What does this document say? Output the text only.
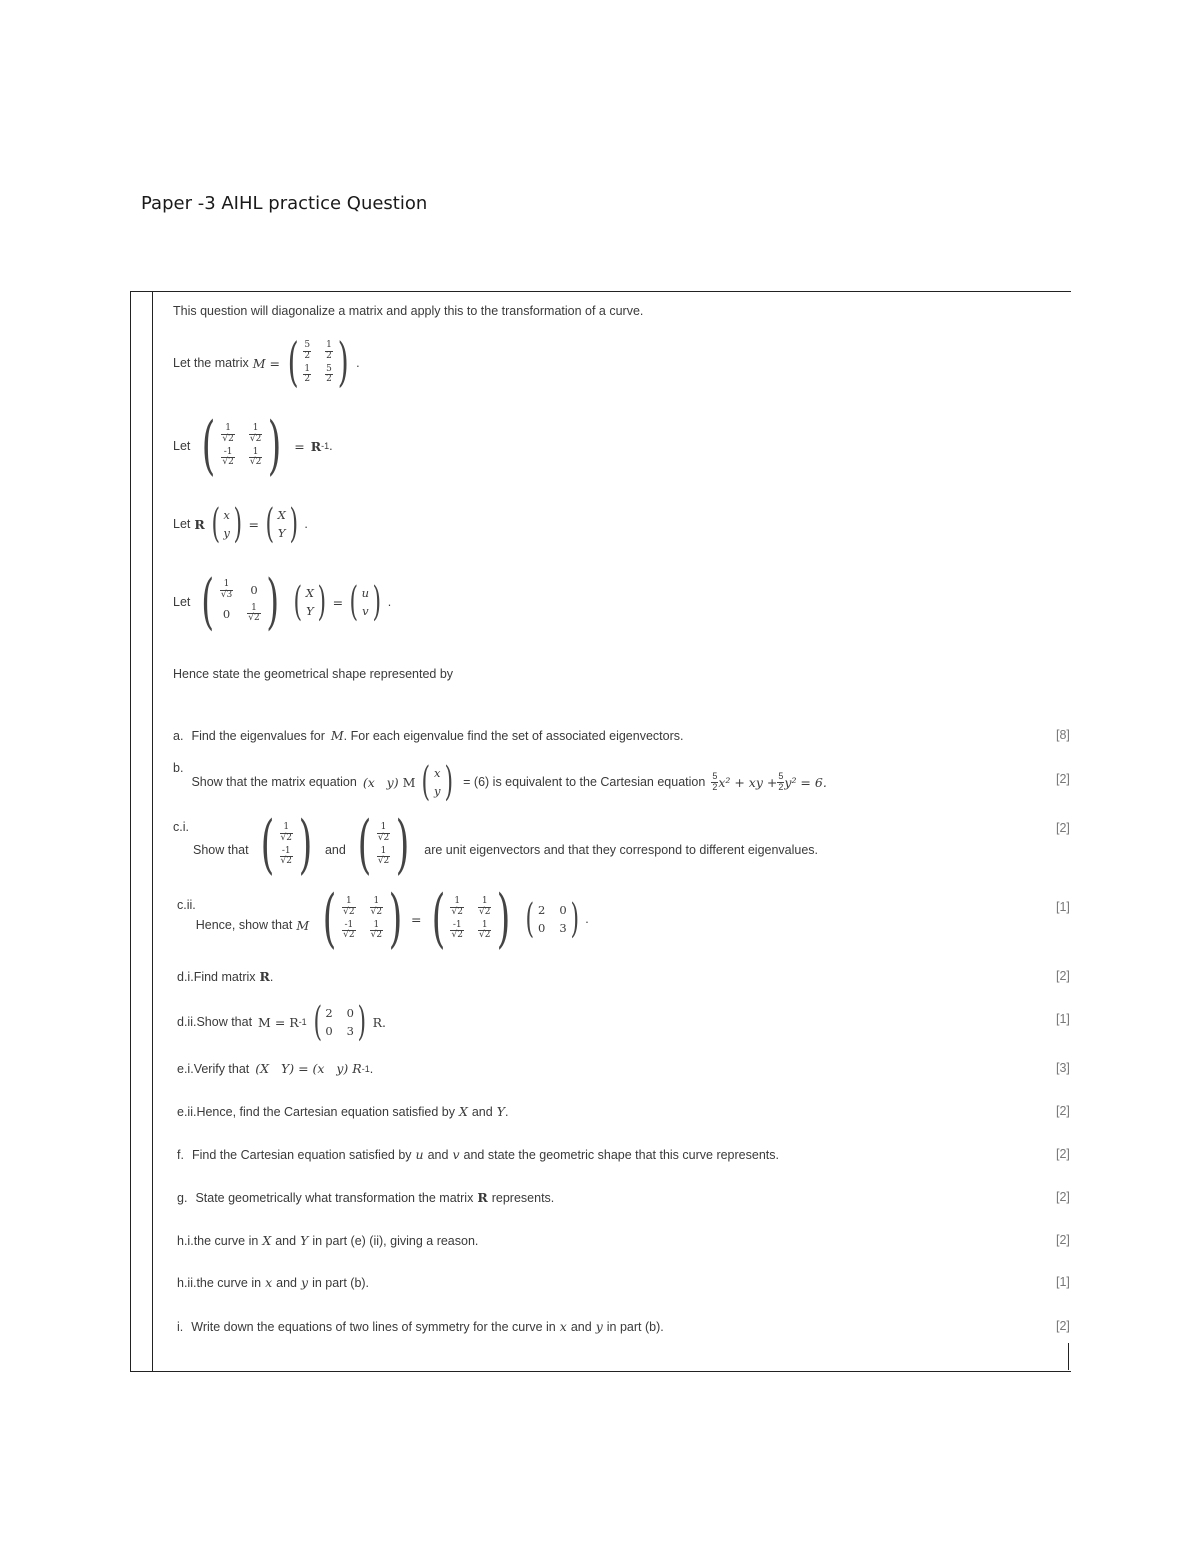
Paper -3 AIHL practice Question
This question will diagonalize a matrix and apply this to the transformation of a curve.
Let the matrix M = ( $\frac{5}{2} \frac{1}{2}$
$\frac{1}{2} \frac{5}{2}$ ) .
Let ( $\frac{1}{√2} \frac{1}{√2}$
$\frac{-1}{√2} \frac{1}{√2}$ ) = R -1 .
Let R ( x
y ) = ( X
Y ) .
Let ( $\frac{1}{√3} 0$
$0 \frac{1}{√2}$ ) ( X
Y ) = ( u
v ) .
Hence state the geometrical shape represented by
a. Find the eigenvalues for M . For each eigenvalue find the set of associated eigenvectors.	[8]
b.
Show that the matrix equation (x   y) M ( x
y ) = (6) is equivalent to the Cartesian equation $\frac{5}{2} x^2$ + xy + $\frac{5}{2} y^2 = 6$.	[2]
c.i.
Show that ( $\frac{1}{√2}$
$\frac{-1}{√2}$ ) and ( $\frac{1}{√2}$
$\frac{1}{√2}$ ) are unit eigenvectors and that they correspond to different eigenvalues.
[2]
c.ii.
Hence, show that M ( $\frac{1}{√2} \frac{1}{√2}$
$\frac{-1}{√2} \frac{1}{√2}$ ) = ( $\frac{1}{√2} \frac{1}{√2}$
$\frac{-1}{√2} \frac{1}{√2}$ ) ( 2 0
0 3 ) .
[1]
d.i. Find matrix R .	[2]
d.ii. Show that M = R -1 ( 2 0
0 3 ) R.	[1]
e.i. Verify that (X   Y) = (x   y) R -1 .	[3]
e.ii. Hence, find the Cartesian equation satisfied by X and Y .	[2]
f. Find the Cartesian equation satisfied by u and v and state the geometric shape that this curve represents.	[2]
g. State geometrically what transformation the matrix R represents.	[2]
h.i. the curve in X and Y in part (e) (ii), giving a reason.	[2]
h.ii. the curve in x and y in part (b).	[1]
i. Write down the equations of two lines of symmetry for the curve in x and y in part (b).	[2]
